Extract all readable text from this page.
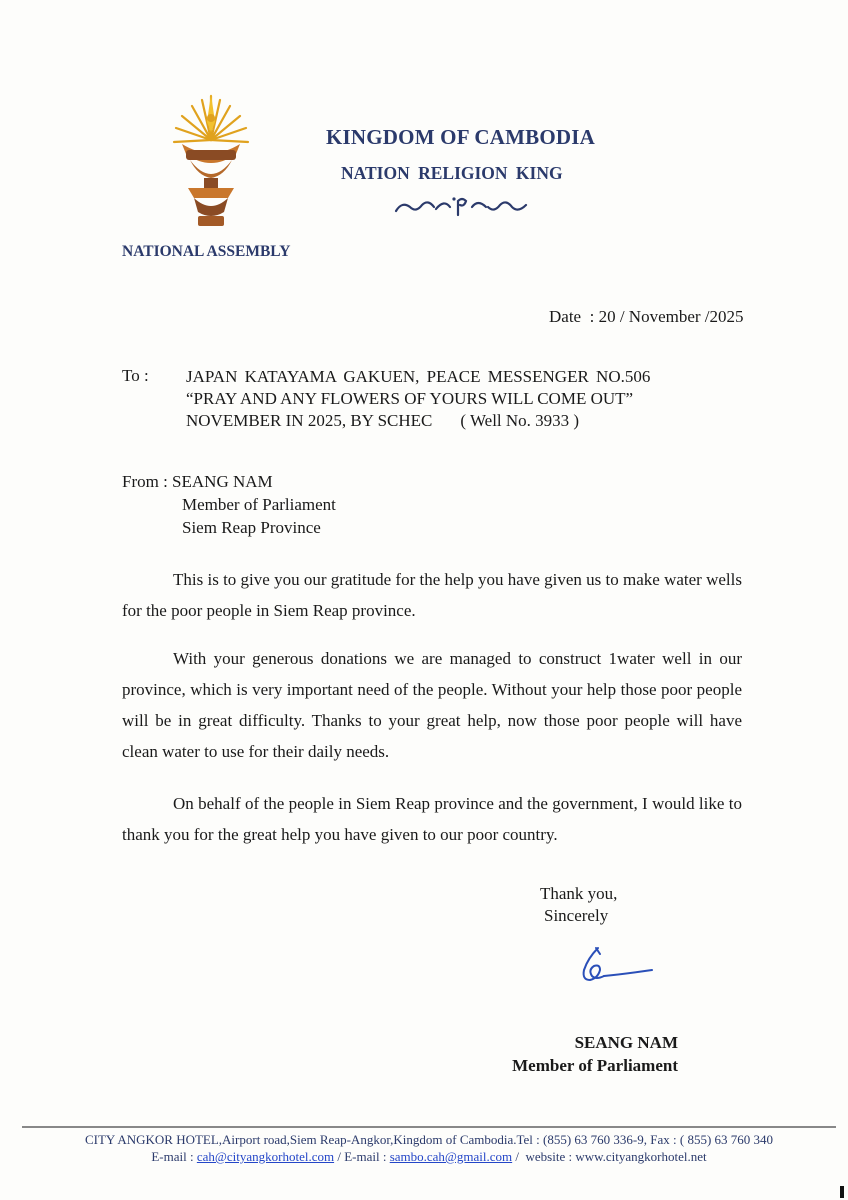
KINGDOM OF CAMBODIA
NATION RELIGION KING
NATIONAL ASSEMBLY
Date  : 20 / November /2025
To : JAPAN KATAYAMA GAKUEN, PEACE MESSENGER NO.506
“PRAY AND ANY FLOWERS OF YOURS WILL COME OUT”
NOVEMBER IN 2025, BY SCHEC ( Well No. 3933 )
From : SEANG NAM
Member of Parliament
Siem Reap Province

This is to give you our gratitude for the help you have given us to make water wells for the poor people in Siem Reap province.

With your generous donations we are managed to construct 1water well in our province, which is very important need of the people. Without your help those poor people will be in great difficulty. Thanks to your great help, now those poor people will have clean water to use for their daily needs.

On behalf of the people in Siem Reap province and the government, I would like to thank you for the great help you have given to our poor country.

Thank you,
Sincerely
SEANG NAM
Member of Parliament
CITY ANGKOR HOTEL,Airport road,Siem Reap-Angkor,Kingdom of Cambodia.Tel : (855) 63 760 336-9, Fax : ( 855) 63 760 340
E-mail : cah@cityangkorhotel.com / E-mail : sambo.cah@gmail.com /  website : www.cityangkorhotel.net
